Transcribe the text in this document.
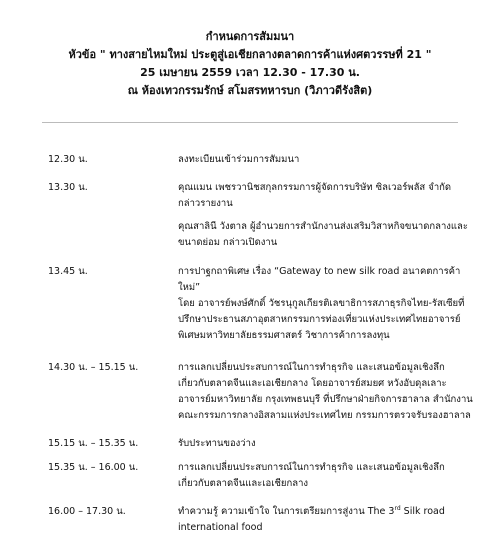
กำหนดการสัมมนา
หัวข้อ " ทางสายไหมใหม่ ประตูสู่เอเชียกลางตลาดการค้าแห่งศตวรรษที่ 21 "
25 เมษายน 2559 เวลา 12.30 - 17.30 น.
ณ ห้องเทวกรรมรักษ์ สโมสรทหารบก (วิภาวดีรังสิต)
12.30 น.	ลงทะเบียนเข้าร่วมการสัมมนา
13.30 น.	คุณแมน เพชรวานิชสกุลกรรมการผู้จัดการบริษัท ซิลเวอร์พลัส จำกัด
กล่าวรายงาน
คุณสาลินี วังตาล ผู้อำนวยการสำนักงานส่งเสริมวิสาหกิจขนาดกลางและ
ขนาดย่อม กล่าวเปิดงาน
13.45 น.	การปาฐกถาพิเศษ เรื่อง “Gateway to new silk road อนาคตการค้า
ใหม่”
โดย อาจารย์พงษ์ศักดิ์ วัชรนุกูลเกียรติเลขาธิการสภาธุรกิจไทย-รัสเซียที่
ปรึกษาประธานสภาอุตสาหกรรมการท่องเที่ยวแห่งประเทศไทยอาจารย์
พิเศษมหาวิทยาลัยธรรมศาสตร์ วิชาการค้าการลงทุน
14.30 น. – 15.15 น.	การแลกเปลี่ยนประสบการณ์ในการทำธุรกิจ และเสนอข้อมูลเชิงลึก
เกี่ยวกับตลาดจีนและเอเชียกลาง โดยอาจารย์สมยศ หวังอับดุลเลาะ
อาจารย์มหาวิทยาลัย กรุงเทพธนบุรี ที่ปรึกษาฝ่ายกิจการฮาลาล สำนักงาน
คณะกรรมการกลางอิสลามแห่งประเทศไทย กรรมการตรวจรับรองฮาลาล
15.15 น. – 15.35 น.	รับประทานของว่าง
15.35 น. – 16.00 น.	การแลกเปลี่ยนประสบการณ์ในการทำธุรกิจ และเสนอข้อมูลเชิงลึก
เกี่ยวกับตลาดจีนและเอเชียกลาง
16.00 – 17.30 น.	ทำความรู้ ความเข้าใจ ในการเตรียมการสู่งาน The 3rd Silk road
international food
